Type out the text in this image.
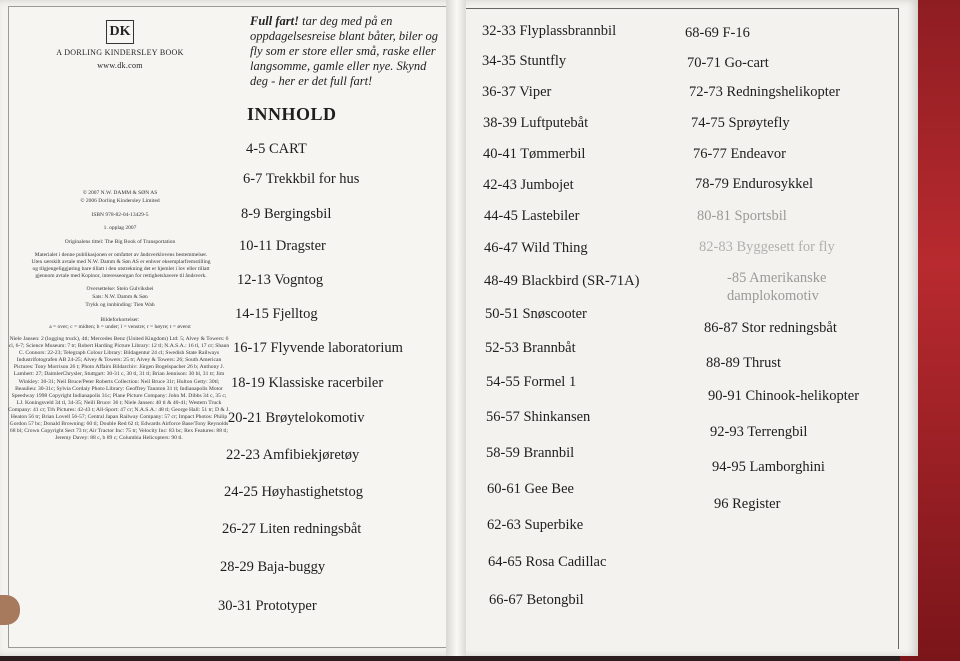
DK
A DORLING KINDERSLEY BOOK
www.dk.com
© 2007 N.W. DAMM & SØN AS
© 2006 Dorling Kindersley Limited
ISBN 978-82-04-13429-5
1. opplag 2007
Originalens tittel: The Big Book of Transportation
Materialet i denne publikasjonen er omfattet av åndsverklovens bestemmelser.
Uten særskilt avtale med N.W. Damm & Søn AS er enhver eksemplarfremstilling
og tilgjengeliggjøring bare tillatt i den utstrekning det er hjemlet i lov eller tillatt
gjennom avtale med Kopinor, interesseorgan for rettighetshavere til åndsverk.
Oversettelse: Stein Gulvikshei
Sats: N.W. Damm & Søn
Trykk og innbinding: Tien Wah
Bildeforkortelser:
a = over; c = midten; b = under; l = venstre; r = høyre; t = øverst
Niele Jansen: 2 (logging truck), 4tl; Mercedes Benz (United Kingdom) Ltd: 5; Alvey & Towers: 6 cl, 6-7; Science Museum: 7 tr; Robert Harding Picture Library: 12 tl; N.A.S.A.: 16 tl, 17 cr; Shaun C. Connors: 22-23; Telegraph Colour Library: Bildagentur 24 cl; Swedish State Railways Industrifotografen AB 24-25; Alvey & Towers: 25 tr; Alvey & Towers: 26; South American Pictures: Tony Morrison 26 t; Photo Affairs Bildarchiv: Jürgen Bogelspacher 26 b; Anthony J. Lambert: 27; DaimlerChrysler, Stuttgart: 30-31 c, 30 tl, 31 tl; Brian Jennison: 30 bl, 31 tr; Jim Winkley: 30-31; Neil Bruce/Peter Roberts Collection: Neil Bruce 31r; Hulton Getty: 30tl; Beaulieu: 30-31c; Sylvia Cordaiy Photo Library: Geoffrey Taunton 31 tl; Indianapolis Motor Speedway 1998 Copyright Indianapolis 31c; Plane Picture Company: John M. Dibbs 34 c, 35 c; LJ. Koningsveld 34 tl, 34-35; Neill Bruce: 36 t; Niele Jansen: 40 tl & 40-41; Western Truck Company: 41 cr; Trh Pictures: 42-43 t; All-Sport: 47 cr; N.A.S.A.: 48 tl; George Hall: 51 tr; D & J. Heaton 56 tr; Brian Lovell 56-57; Central Japan Railway Company: 57 cr; Impact Photos: Philip Gordon 57 bc; Donald Browning: 60 tl; Double Red 62 tl; Edwards Airforce Base/Tony Reynolds 68 bl; Crown Copyright Sect 73 tr; Air Tractor Inc: 75 tr; Velocity Inc: 83 bc; Rex Features: 88 tl; Jeremy Davey: 88 c, b 89 c; Columbia Helicopters: 90 tl.
Full fart! tar deg med på en oppdagelsesreise blant båter, biler og fly som er store eller små, raske eller langsomme, gamle eller nye. Skynd deg - her er det full fart!
INNHOLD
4-5 CART
6-7 Trekkbil for hus
8-9 Bergingsbil
10-11 Dragster
12-13 Vogntog
14-15 Fjelltog
16-17 Flyvende laboratorium
18-19 Klassiske racerbiler
20-21 Brøytelokomotiv
22-23 Amfibiekjøretøy
24-25 Høyhastighetstog
26-27 Liten redningsbåt
28-29 Baja-buggy
30-31 Prototyper
32-33 Flyplassbrannbil
34-35 Stuntfly
36-37 Viper
38-39 Luftputebåt
40-41 Tømmerbil
42-43 Jumbojet
44-45 Lastebiler
46-47 Wild Thing
48-49 Blackbird (SR-71A)
50-51 Snøscooter
52-53 Brannbåt
54-55 Formel 1
56-57 Shinkansen
58-59 Brannbil
60-61 Gee Bee
62-63 Superbike
64-65 Rosa Cadillac
66-67 Betongbil
68-69 F-16
70-71 Go-cart
72-73 Redningshelikopter
74-75 Sprøytefly
76-77 Endeavor
78-79 Endurosykkel
80-81 Sportsbil
82-83 Byggesett for fly
-85 Amerikanske
damplokomotiv
86-87 Stor redningsbåt
88-89 Thrust
90-91 Chinook-helikopter
92-93 Terrengbil
94-95 Lamborghini
96 Register
